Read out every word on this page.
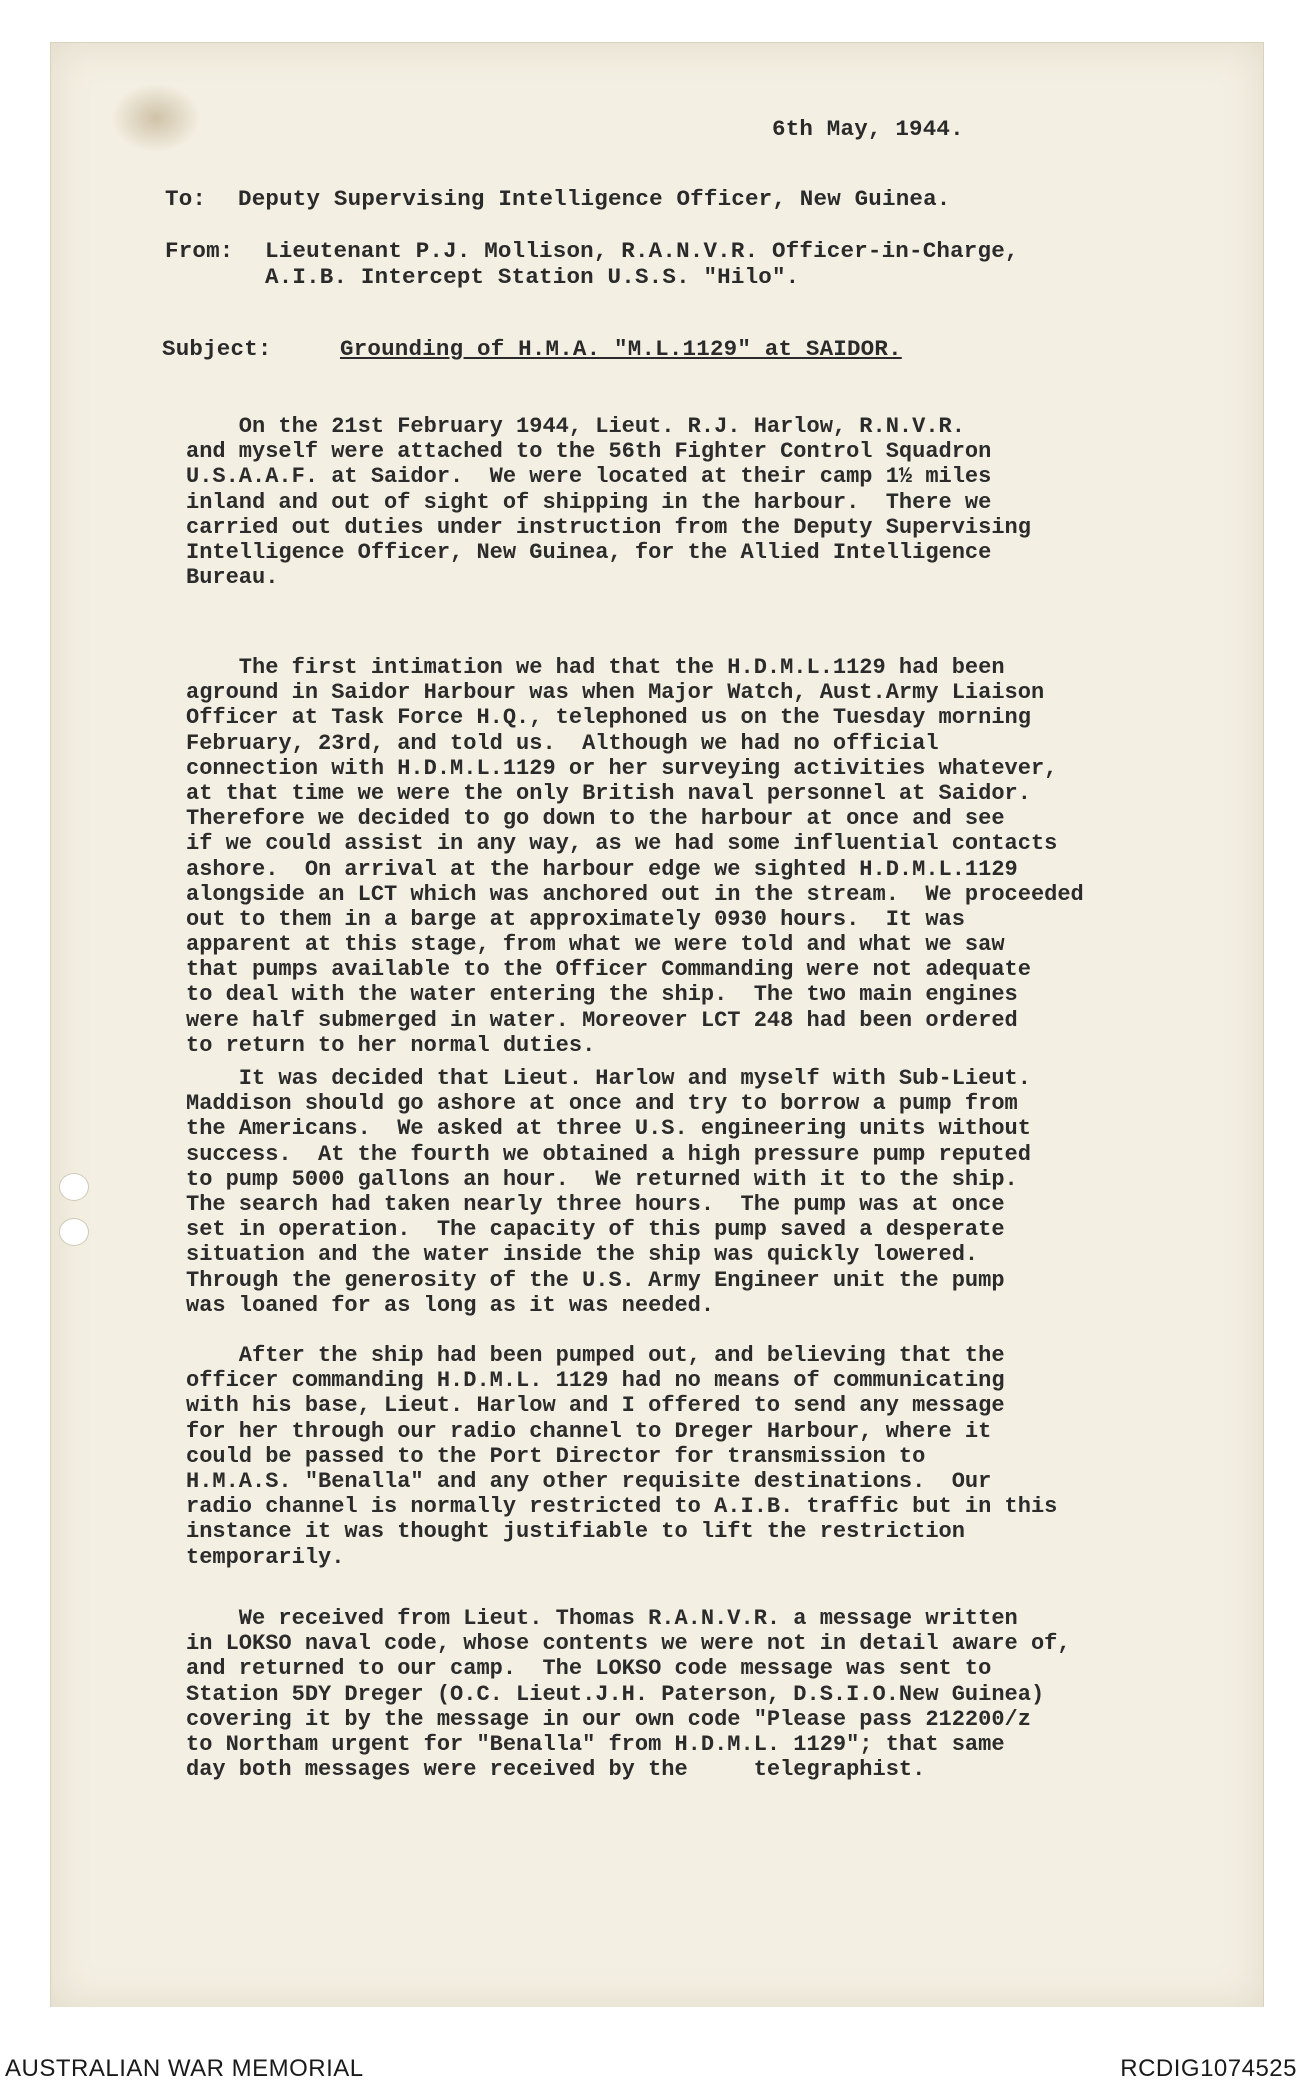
6th May, 1944.
To: Deputy Supervising Intelligence Officer, New Guinea.
From: Lieutenant P.J. Mollison, R.A.N.V.R. Officer-in-Charge,
A.I.B. Intercept Station U.S.S. "Hilo".
Subject:	Grounding of H.M.A. "M.L.1129" at SAIDOR.
On the 21st February 1944, Lieut. R.J. Harlow, R.N.V.R.
and myself were attached to the 56th Fighter Control Squadron
U.S.A.A.F. at Saidor.  We were located at their camp 1½ miles
inland and out of sight of shipping in the harbour.  There we
carried out duties under instruction from the Deputy Supervising
Intelligence Officer, New Guinea, for the Allied Intelligence
Bureau.
The first intimation we had that the H.D.M.L.1129 had been
aground in Saidor Harbour was when Major Watch, Aust.Army Liaison
Officer at Task Force H.Q., telephoned us on the Tuesday morning
February, 23rd, and told us.  Although we had no official
connection with H.D.M.L.1129 or her surveying activities whatever,
at that time we were the only British naval personnel at Saidor.
Therefore we decided to go down to the harbour at once and see
if we could assist in any way, as we had some influential contacts
ashore.  On arrival at the harbour edge we sighted H.D.M.L.1129
alongside an LCT which was anchored out in the stream.  We proceeded
out to them in a barge at approximately 0930 hours.  It was
apparent at this stage, from what we were told and what we saw
that pumps available to the Officer Commanding were not adequate
to deal with the water entering the ship.  The two main engines
were half submerged in water. Moreover LCT 248 had been ordered
to return to her normal duties.
It was decided that Lieut. Harlow and myself with Sub-Lieut.
Maddison should go ashore at once and try to borrow a pump from
the Americans.  We asked at three U.S. engineering units without
success.  At the fourth we obtained a high pressure pump reputed
to pump 5000 gallons an hour.  We returned with it to the ship.
The search had taken nearly three hours.  The pump was at once
set in operation.  The capacity of this pump saved a desperate
situation and the water inside the ship was quickly lowered.
Through the generosity of the U.S. Army Engineer unit the pump
was loaned for as long as it was needed.
After the ship had been pumped out, and believing that the
officer commanding H.D.M.L. 1129 had no means of communicating
with his base, Lieut. Harlow and I offered to send any message
for her through our radio channel to Dreger Harbour, where it
could be passed to the Port Director for transmission to
H.M.A.S. "Benalla" and any other requisite destinations.  Our
radio channel is normally restricted to A.I.B. traffic but in this
instance it was thought justifiable to lift the restriction
temporarily.
We received from Lieut. Thomas R.A.N.V.R. a message written
in LOKSO naval code, whose contents we were not in detail aware of,
and returned to our camp.  The LOKSO code message was sent to
Station 5DY Dreger (O.C. Lieut.J.H. Paterson, D.S.I.O.New Guinea)
covering it by the message in our own code "Please pass 212200/z
to Northam urgent for "Benalla" from H.D.M.L. 1129"; that same
day both messages were received by the     telegraphist.
AUSTRALIAN WAR MEMORIAL	RCDIG1074525
